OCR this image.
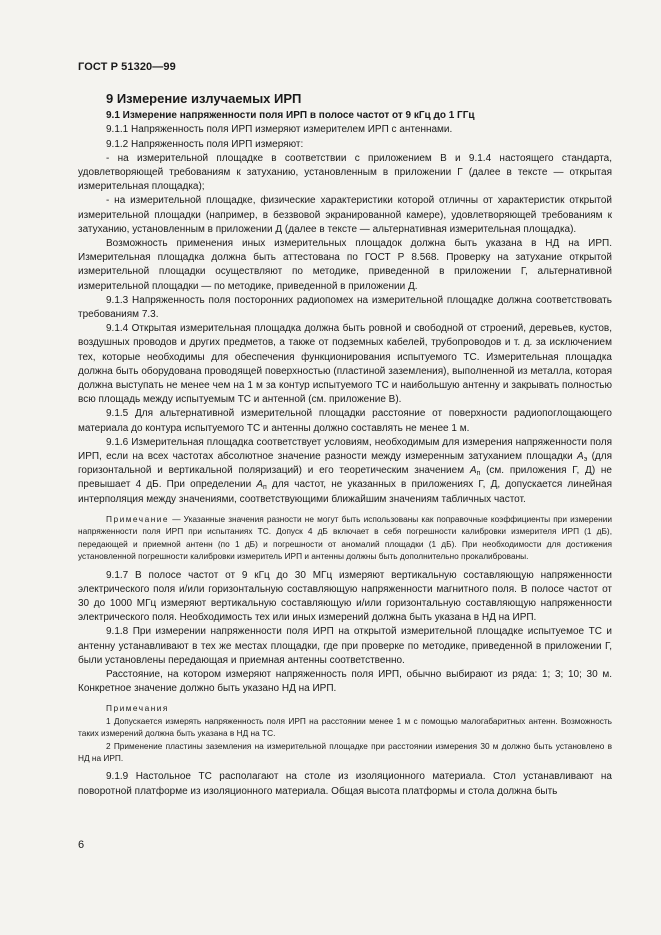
ГОСТ Р 51320—99

9 Измерение излучаемых ИРП

9.1 Измерение напряженности поля ИРП в полосе частот от 9 кГц до 1 ГГц

9.1.1 Напряженность поля ИРП измеряют измерителем ИРП с антеннами.

9.1.2 Напряженность поля ИРП измеряют:

- на измерительной площадке в соответствии с приложением В и 9.1.4 настоящего стандарта, удовлетворяющей требованиям к затуханию, установленным в приложении Г (далее в тексте — открытая измерительная площадка);

- на измерительной площадке, физические характеристики которой отличны от характеристик открытой измерительной площадки (например, в беззвовой экранированной камере), удовлетворяющей требованиям к затуханию, установленным в приложении Д (далее в тексте — альтернативная измерительная площадка).

Возможность применения иных измерительных площадок должна быть указана в НД на ИРП. Измерительная площадка должна быть аттестована по ГОСТ Р 8.568. Проверку на затухание открытой измерительной площадки осуществляют по методике, приведенной в приложении Г, альтернативной измерительной площадки — по методике, приведенной в приложении Д.

9.1.3 Напряженность поля посторонних радиопомех на измерительной площадке должна соответствовать требованиям 7.3.

9.1.4 Открытая измерительная площадка должна быть ровной и свободной от строений, деревьев, кустов, воздушных проводов и других предметов, а также от подземных кабелей, трубопроводов и т. д. за исключением тех, которые необходимы для обеспечения функционирования испытуемого ТС. Измерительная площадка должна быть оборудована проводящей поверхностью (пластиной заземления), выполненной из металла, которая должна выступать не менее чем на 1 м за контур испытуемого ТС и наибольшую антенну и закрывать полностью всю площадь между испытуемым ТС и антенной (см. приложение В).

9.1.5 Для альтернативной измерительной площадки расстояние от поверхности радиопоглощающего материала до контура испытуемого ТС и антенны должно составлять не менее 1 м.

9.1.6 Измерительная площадка соответствует условиям, необходимым для измерения напряженности поля ИРП, если на всех частотах абсолютное значение разности между измеренным затуханием площадки $А_э$ (для горизонтальной и вертикальной поляризаций) и его теоретическим значением $А_п$ (см. приложения Г, Д) не превышает 4 дБ. При определении $А_п$ для частот, не указанных в приложениях Г, Д, допускается линейная интерполяция между значениями, соответствующими ближайшим значениям табличных частот.

Примечание — Указанные значения разности не могут быть использованы как поправочные коэффициенты при измерении напряженности поля ИРП при испытаниях ТС. Допуск 4 дБ включает в себя погрешности калибровки измерителя ИРП (1 дБ), передающей и приемной антенн (по 1 дБ) и погрешности от аномалий площадки (1 дБ). При необходимости для достижения установленной погрешности калибровки измеритель ИРП и антенны должны быть дополнительно прокалиброваны.

9.1.7 В полосе частот от 9 кГц до 30 МГц измеряют вертикальную составляющую напряженности электрического поля и/или горизонтальную составляющую напряженности магнитного поля. В полосе частот от 30 до 1000 МГц измеряют вертикальную составляющую и/или горизонтальную составляющую напряженности электрического поля. Необходимость тех или иных измерений должна быть указана в НД на ИРП.

9.1.8 При измерении напряженности поля ИРП на открытой измерительной площадке испытуемое ТС и антенну устанавливают в тех же местах площадки, где при проверке по методике, приведенной в приложении Г, были установлены передающая и приемная антенны соответственно.

Расстояние, на котором измеряют напряженность поля ИРП, обычно выбирают из ряда: 1; 3; 10; 30 м. Конкретное значение должно быть указано НД на ИРП.

Примечания

1 Допускается измерять напряженность поля ИРП на расстоянии менее 1 м с помощью малогабаритных антенн. Возможность таких измерений должна быть указана в НД на ТС.

2 Применение пластины заземления на измерительной площадке при расстоянии измерения 30 м должно быть установлено в НД на ИРП.

9.1.9 Настольное ТС располагают на столе из изоляционного материала. Стол устанавливают на поворотной платформе из изоляционного материала. Общая высота платформы и стола должна быть

6
